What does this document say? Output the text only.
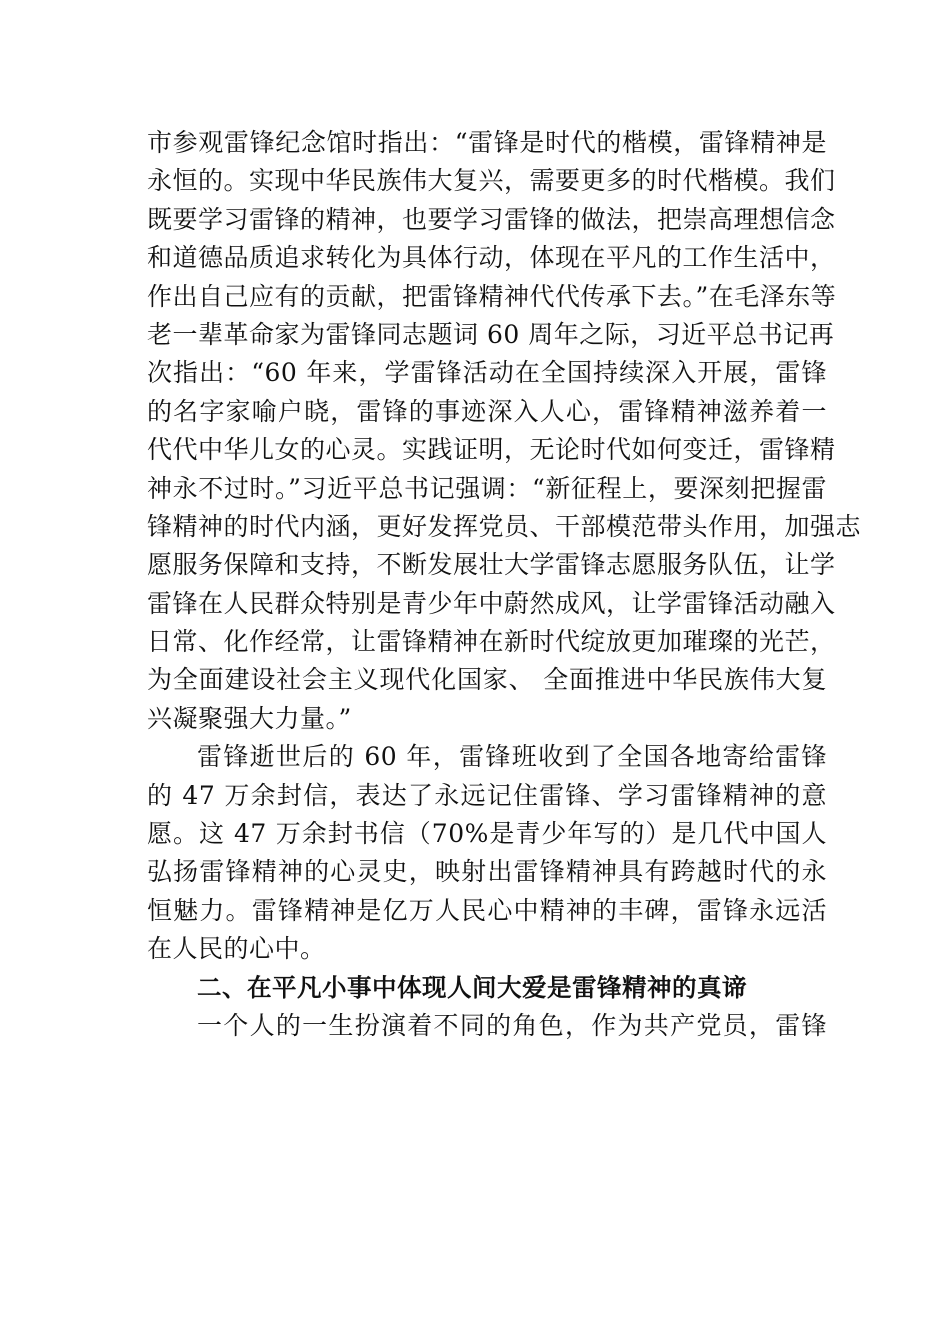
市参观雷锋纪念馆时指出：“雷锋是时代的楷模，雷锋精神是
永恒的。实现中华民族伟大复兴，需要更多的时代楷模。我们
既要学习雷锋的精神，也要学习雷锋的做法，把崇高理想信念
和道德品质追求转化为具体行动，体现在平凡的工作生活中，
作出自己应有的贡献，把雷锋精神代代传承下去。”在毛泽东等
老一辈革命家为雷锋同志题词 60 周年之际，习近平总书记再
次指出：“60 年来，学雷锋活动在全国持续深入开展，雷锋
的名字家喻户晓，雷锋的事迹深入人心，雷锋精神滋养着一
代代中华儿女的心灵。实践证明，无论时代如何变迁，雷锋精
神永不过时。”习近平总书记强调：“新征程上，要深刻把握雷
锋精神的时代内涵，更好发挥党员、干部模范带头作用，加强志
愿服务保障和支持，不断发展壮大学雷锋志愿服务队伍，让学
雷锋在人民群众特别是青少年中蔚然成风，让学雷锋活动融入
日常、化作经常，让雷锋精神在新时代绽放更加璀璨的光芒，
为全面建设社会主义现代化国家、 全面推进中华民族伟大复
兴凝聚强大力量。”
雷锋逝世后的 60 年，雷锋班收到了全国各地寄给雷锋
的 47 万余封信，表达了永远记住雷锋、学习雷锋精神的意
愿。这 47 万余封书信（70%是青少年写的）是几代中国人
弘扬雷锋精神的心灵史，映射出雷锋精神具有跨越时代的永
恒魅力。雷锋精神是亿万人民心中精神的丰碑，雷锋永远活
在人民的心中。
二、在平凡小事中体现人间大爱是雷锋精神的真谛
一个人的一生扮演着不同的角色，作为共产党员，雷锋
